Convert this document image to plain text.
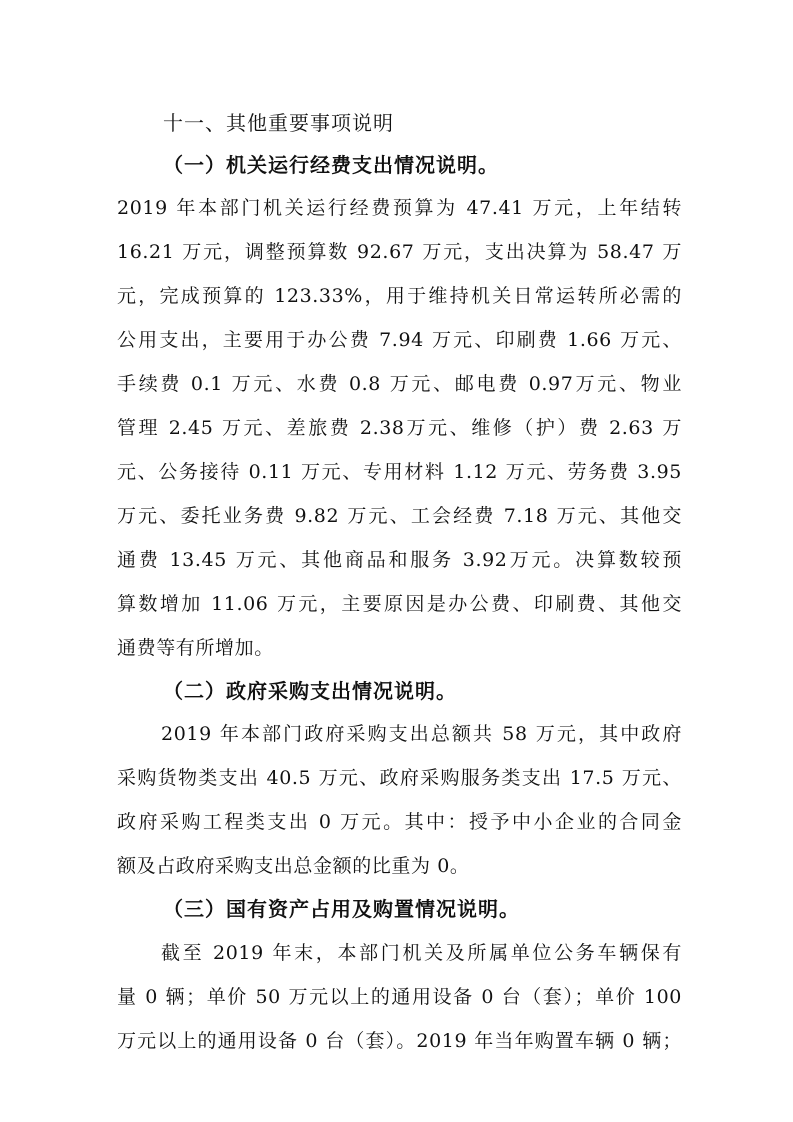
十一、其他重要事项说明
（一）机关运行经费支出情况说明。
2019 年本部门机关运行经费预算为 47.41 万元，上年结转
16.21 万元，调整预算数 92.67 万元，支出决算为 58.47 万
元，完成预算的 123.33%，用于维持机关日常运转所必需的
公用支出，主要用于办公费 7.94 万元、印刷费 1.66 万元、
手续费 0.1 万元、水费 0.8 万元、邮电费 0.97万元、物业
管理 2.45 万元、差旅费 2.38万元、维修（护）费 2.63 万
元、公务接待 0.11 万元、专用材料 1.12 万元、劳务费 3.95
万元、委托业务费 9.82 万元、工会经费 7.18 万元、其他交
通费 13.45 万元、其他商品和服务 3.92万元。决算数较预
算数增加 11.06 万元，主要原因是办公费、印刷费、其他交
通费等有所增加。
（二）政府采购支出情况说明。
2019 年本部门政府采购支出总额共 58 万元，其中政府
采购货物类支出 40.5 万元、政府采购服务类支出 17.5 万元、
政府采购工程类支出 0 万元。其中：授予中小企业的合同金
额及占政府采购支出总金额的比重为 0。
（三）国有资产占用及购置情况说明。
截至 2019 年末，本部门机关及所属单位公务车辆保有
量 0 辆；单价 50 万元以上的通用设备 0 台（套）；单价 100
万元以上的通用设备 0 台（套）。2019 年当年购置车辆 0 辆；
